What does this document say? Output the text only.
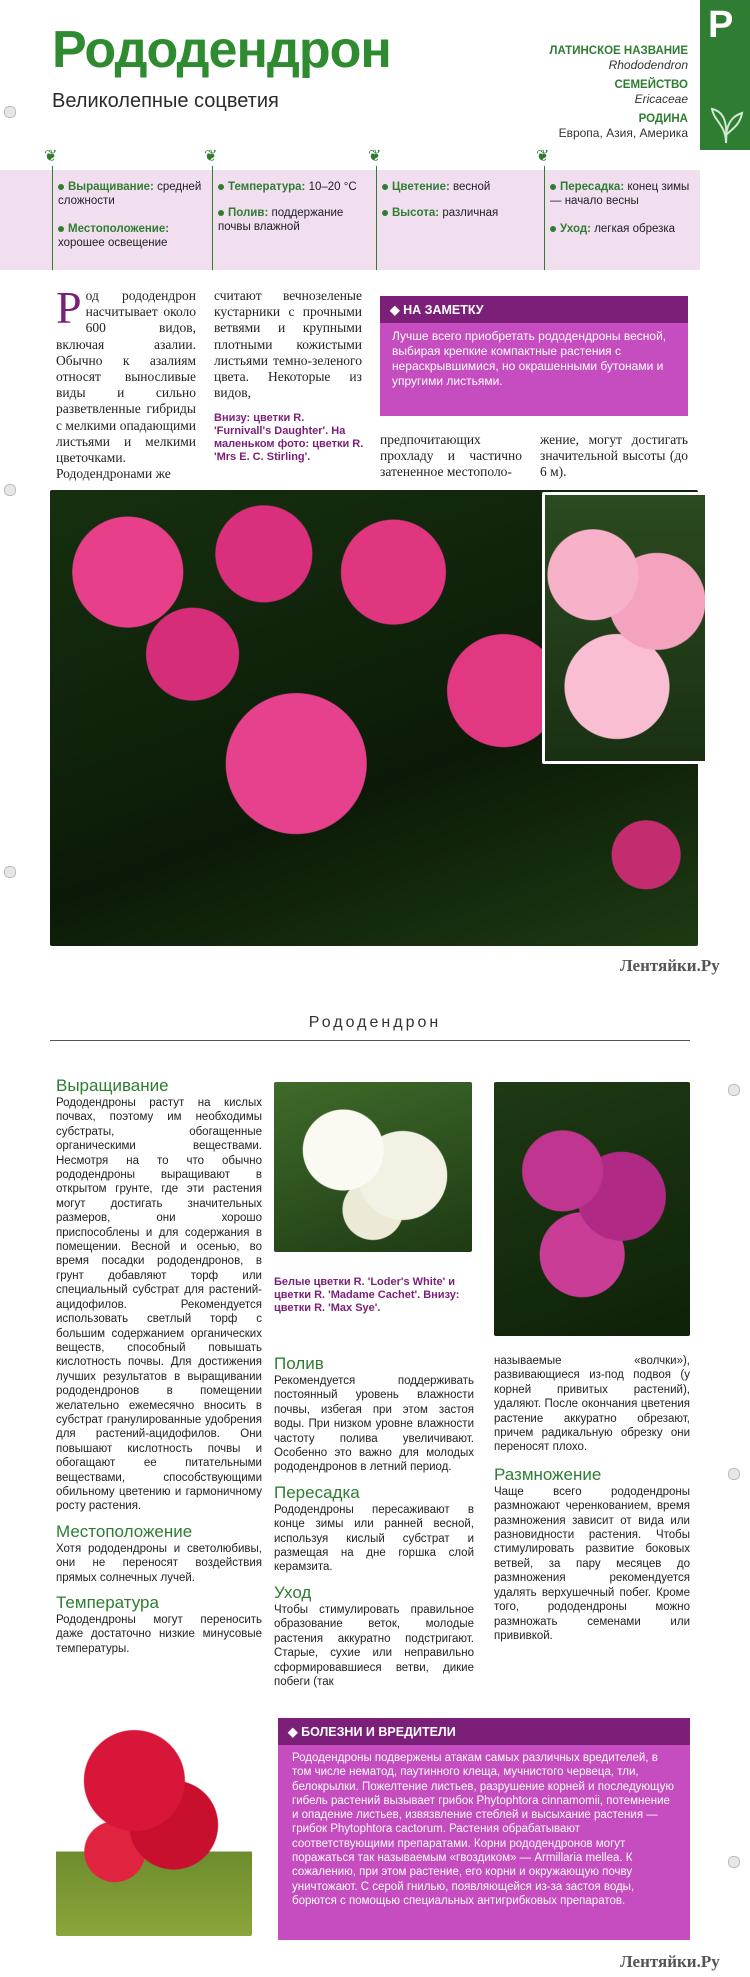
Рододендрон
Великолепные соцветия
Р
ЛАТИНСКОЕ НАЗВАНИЕ
Rhododendron
СЕМЕЙСТВО
Ericaceae
РОДИНА
Европа, Азия, Америка
❦	❦	❦	❦
Выращивание: средней сложности
Местоположение: хорошее освещение
Температура: 10–20 °C
Полив: поддержание почвы влажной
Цветение: весной
Высота: различная
Пересадка: конец зимы — начало весны
Уход: легкая обрезка
Род рододендрон насчитывает около 600 видов, включая азалии. Обычно к азалиям относят выносливые виды и сильно разветвленные гибриды с мелкими опадающими листьями и мелкими цветочками. Рододендронами же
считают вечнозеленые кустарники с прочными ветвями и крупными плотными кожистыми листьями темно-зеленого цвета. Некоторые из видов,
Внизу: цветки R. 'Furnivall's Daughter'. На маленьком фото: цветки R. 'Mrs E. C. Stirling'.
предпочитающих прохладу и частично затененное местополо-
жение, могут достигать значительной высоты (до 6 м).
◆ НА ЗАМЕТКУ
Лучше всего приобретать рододендроны весной, выбирая крепкие компактные растения с нераскрывшимися, но окрашенными бутонами и упругими листьями.
Лентяйки.Ру
Рододендрон
Выращивание
Рододендроны растут на кислых почвах, поэтому им необходимы субстраты, обогащенные органическими веществами. Несмотря на то что обычно рододендроны выращивают в открытом грунте, где эти растения могут достигать значительных размеров, они хорошо приспособлены и для содержания в помещении. Весной и осенью, во время посадки рододендронов, в грунт добавляют торф или специальный субстрат для растений-ацидофилов. Рекомендуется использовать светлый торф с большим содержанием органических веществ, способный повышать кислотность почвы. Для достижения лучших результатов в выращивании рододендронов в помещении желательно ежемесячно вносить в субстрат гранулированные удобрения для растений-ацидофилов. Они повышают кислотность почвы и обогащают ее питательными веществами, способствующими обильному цветению и гармоничному росту растения.
Местоположение
Хотя рододендроны и светолюбивы, они не переносят воздействия прямых солнечных лучей.
Температура
Рододендроны могут переносить даже достаточно низкие минусовые температуры.
Белые цветки R. 'Loder's White' и цветки R. 'Madame Cachet'. Внизу: цветки R. 'Max Sye'.
Полив
Рекомендуется поддерживать постоянный уровень влажности почвы, избегая при этом застоя воды. При низком уровне влажности частоту полива увеличивают. Особенно это важно для молодых рододендронов в летний период.
Пересадка
Рододендроны пересаживают в конце зимы или ранней весной, используя кислый субстрат и размещая на дне горшка слой керамзита.
Уход
Чтобы стимулировать правильное образование веток, молодые растения аккуратно подстригают. Старые, сухие или неправильно сформировавшиеся ветви, дикие побеги (так
называемые «волчки»), развивающиеся из-под подвоя (у корней привитых растений), удаляют. После окончания цветения растение аккуратно обрезают, причем радикальную обрезку они переносят плохо.
Размножение
Чаще всего рододендроны размножают черенкованием, время размножения зависит от вида или разновидности растения. Чтобы стимулировать развитие боковых ветвей, за пару месяцев до размножения рекомендуется удалять верхушечный побег. Кроме того, рододендроны можно размножать семенами или прививкой.
◆ БОЛЕЗНИ И ВРЕДИТЕЛИ
Рододендроны подвержены атакам самых различных вредителей, в том числе нематод, паутинного клеща, мучнистого червеца, тли, белокрылки. Пожелтение листьев, разрушение корней и последующую гибель растений вызывает грибок Phytophtora cinnamomii, потемнение и опадение листьев, извязвление стеблей и высыхание растения — грибок Phytophtora cactorum. Растения обрабатывают соответствующими препаратами. Корни рододендронов могут поражаться так называемым «гвоздиком» — Armillaria mellea. К сожалению, при этом растение, его корни и окружающую почву уничтожают. С серой гнилью, появляющейся из-за застоя воды, борются с помощью специальных антигрибковых препаратов.
Лентяйки.Ру
